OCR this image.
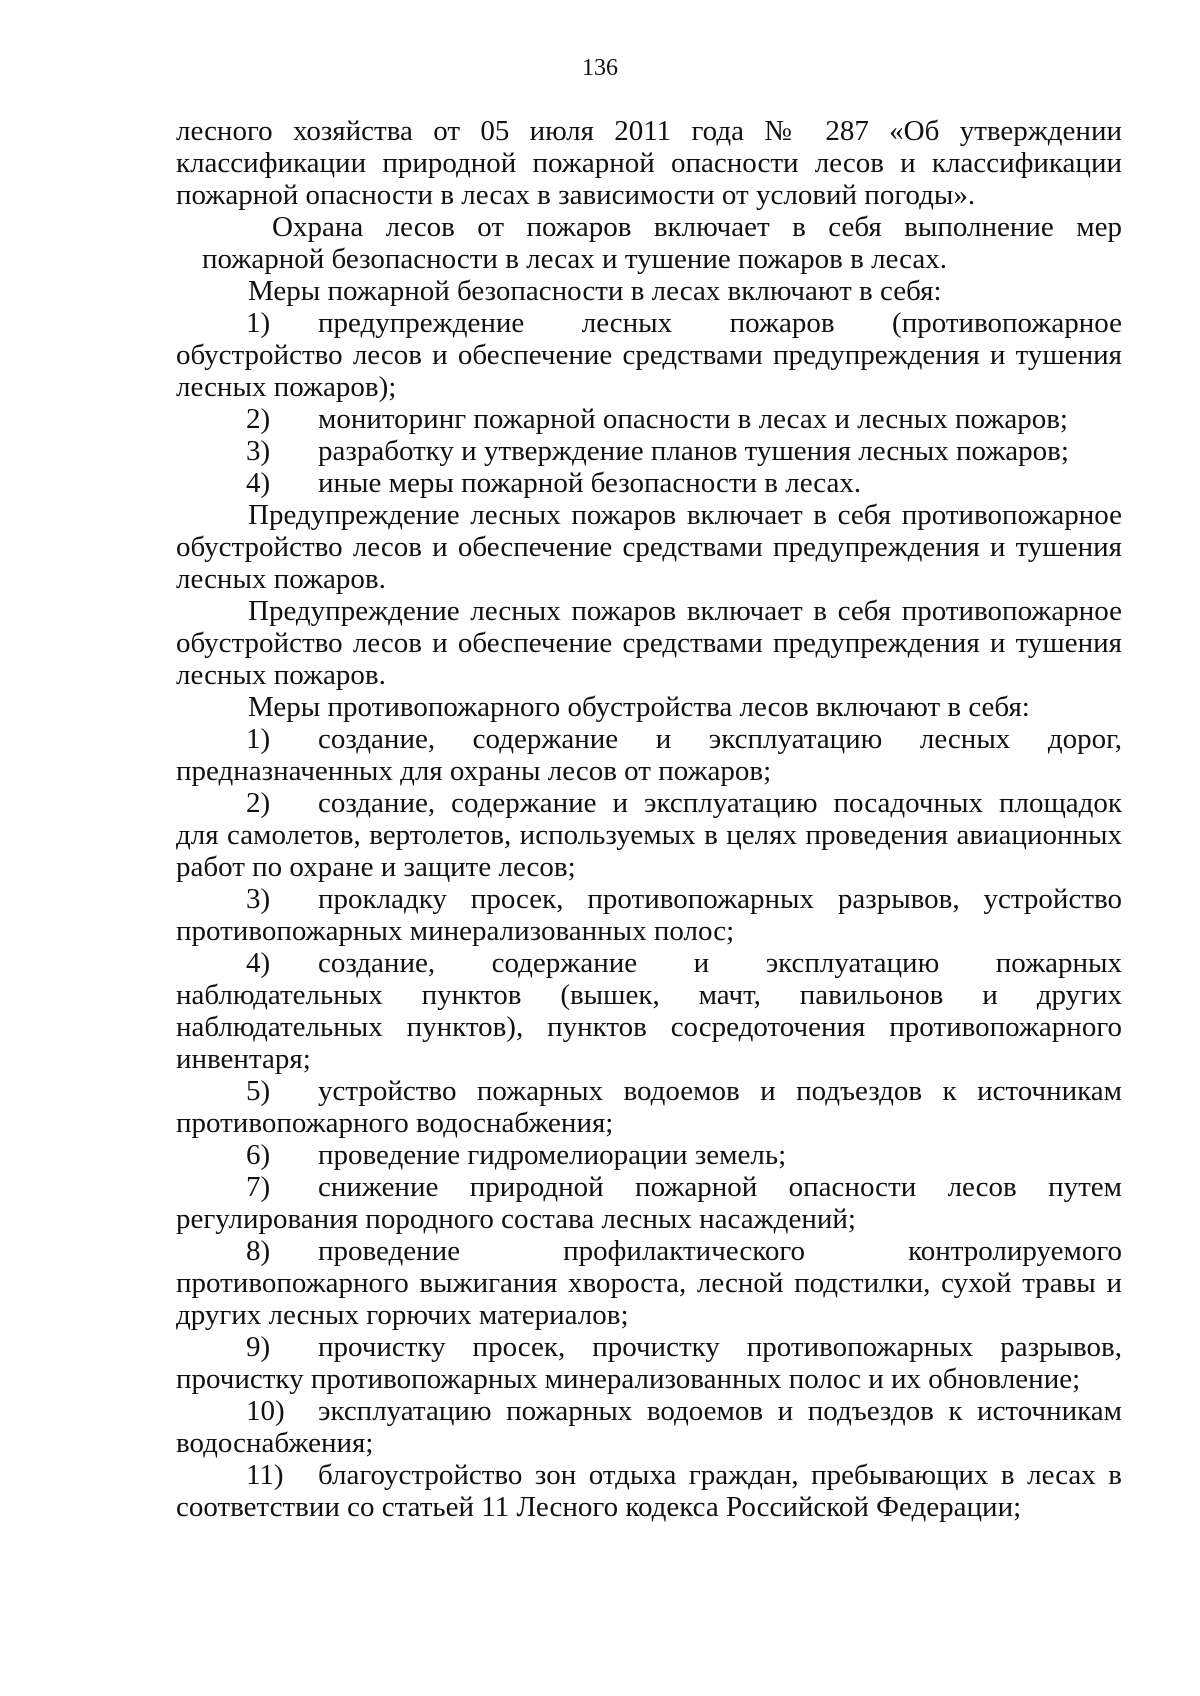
136

лесного хозяйства от 05 июля 2011 года № 287 «Об утверждении классификации природной пожарной опасности лесов и классификации пожарной опасности в лесах в зависимости от условий погоды».

Охрана лесов от пожаров включает в себя выполнение мер пожарной безопасности в лесах и тушение пожаров в лесах.

Меры пожарной безопасности в лесах включают в себя:

1) предупреждение лесных пожаров (противопожарное обустройство лесов и обеспечение средствами предупреждения и тушения лесных пожаров);

2) мониторинг пожарной опасности в лесах и лесных пожаров;

3) разработку и утверждение планов тушения лесных пожаров;

4) иные меры пожарной безопасности в лесах.

Предупреждение лесных пожаров включает в себя противопожарное обустройство лесов и обеспечение средствами предупреждения и тушения лесных пожаров.

Предупреждение лесных пожаров включает в себя противопожарное обустройство лесов и обеспечение средствами предупреждения и тушения лесных пожаров.

Меры противопожарного обустройства лесов включают в себя:

1) создание, содержание и эксплуатацию лесных дорог, предназначенных для охраны лесов от пожаров;

2) создание, содержание и эксплуатацию посадочных площадок для самолетов, вертолетов, используемых в целях проведения авиационных работ по охране и защите лесов;

3) прокладку просек, противопожарных разрывов, устройство противопожарных минерализованных полос;

4) создание, содержание и эксплуатацию пожарных наблюдательных пунктов (вышек, мачт, павильонов и других наблюдательных пунктов), пунктов сосредоточения противопожарного инвентаря;

5) устройство пожарных водоемов и подъездов к источникам противопожарного водоснабжения;

6) проведение гидромелиорации земель;

7) снижение природной пожарной опасности лесов путем регулирования породного состава лесных насаждений;

8) проведение профилактического контролируемого противопожарного выжигания хвороста, лесной подстилки, сухой травы и других лесных горючих материалов;

9) прочистку просек, прочистку противопожарных разрывов, прочистку противопожарных минерализованных полос и их обновление;

10) эксплуатацию пожарных водоемов и подъездов к источникам водоснабжения;

11) благоустройство зон отдыха граждан, пребывающих в лесах в соответствии со статьей 11 Лесного кодекса Российской Федерации;
